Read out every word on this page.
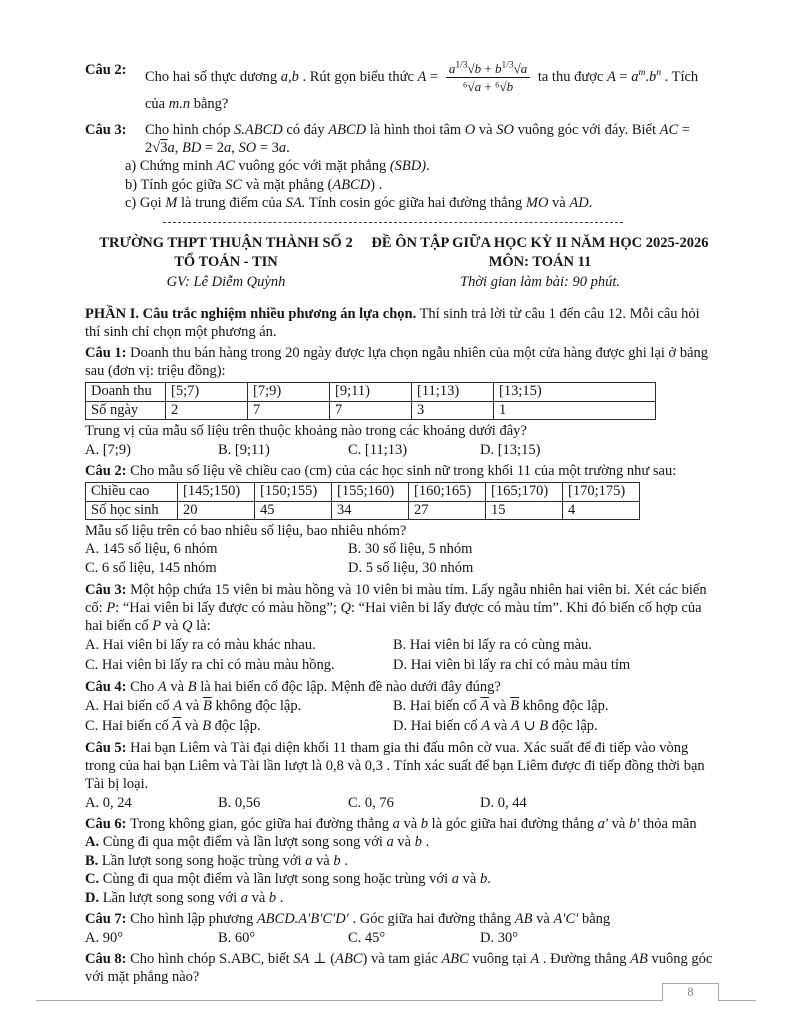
Câu 2:	Cho hai số thực dương a,b . Rút gọn biểu thức $A = \frac{a^{1/3}√b + b^{1/3}√a}{\text{⁶√a + ⁶√b}}$ ta thu được $A = a^m.b^n$ . Tích của m.n bằng?
Câu 3:	Cho hình chóp S.ABCD có đáy ABCD là hình thoi tâm O và SO vuông góc với đáy. Biết AC = 2√3a, BD = 2a, SO = 3a.
a) Chứng minh AC vuông góc với mặt phẳng (SBD).
b) Tính góc giữa SC và mặt phẳng (ABCD) .
c) Gọi M là trung điểm của SA. Tính cosin góc giữa hai đường thẳng MO và AD.
TRƯỜNG THPT THUẬN THÀNH SỐ 2
TỔ TOÁN - TIN
GV: Lê Diễm Quỳnh
ĐỀ ÔN TẬP GIỮA HỌC KỲ II NĂM HỌC 2025-2026
MÔN: TOÁN 11
Thời gian làm bài: 90 phút.
PHẦN I. Câu trắc nghiệm nhiều phương án lựa chọn. Thí sinh trả lời từ câu 1 đến câu 12. Mỗi câu hỏi thí sinh chỉ chọn một phương án.
Câu 1: Doanh thu bán hàng trong 20 ngày được lựa chọn ngẫu nhiên của một cửa hàng được ghi lại ở bảng sau (đơn vị: triệu đồng):
Doanh thu	[5;7)	[7;9)	[9;11)	[11;13)	[13;15)
Số ngày	2	7	7	3	1
Trung vị của mẫu số liệu trên thuộc khoảng nào trong các khoảng dưới đây?
A. [7;9)	B. [9;11)	C. [11;13)	D. [13;15)
Câu 2: Cho mẫu số liệu về chiều cao (cm) của các học sinh nữ trong khối 11 của một trường như sau:
Chiều cao	[145;150)	[150;155)	[155;160)	[160;165)	[165;170)	[170;175)
Số học sinh	20	45	34	27	15	4
Mẫu số liệu trên có bao nhiêu số liệu, bao nhiêu nhóm?
A. 145 số liệu, 6 nhóm	B. 30 số liệu, 5 nhóm
C. 6 số liệu, 145 nhóm	D. 5 số liệu, 30 nhóm
Câu 3: Một hộp chứa 15 viên bi màu hồng và 10 viên bi màu tím. Lấy ngẫu nhiên hai viên bi. Xét các biến cố: P: “Hai viên bi lấy được có màu hồng”; Q: “Hai viên bi lấy được có màu tím”. Khi đó biến cố hợp của hai biến cố P và Q là:
A. Hai viên bi lấy ra có màu khác nhau.	B. Hai viên bi lấy ra có cùng màu.
C. Hai viên bi lấy ra chỉ có màu màu hồng.	D. Hai viên bi lấy ra chỉ có màu màu tím
Câu 4: Cho A và B là hai biến cố độc lập. Mệnh đề nào dưới đây đúng?
A. Hai biến cố A và $\overline{B}$ không độc lập.	B. Hai biến cố $\overline{A}$ và $\overline{B}$ không độc lập.
C. Hai biến cố $\overline{A}$ và B độc lập.	D. Hai biến cố A và A ∪ B độc lập.
Câu 5: Hai bạn Liêm và Tài đại diện khối 11 tham gia thi đấu môn cờ vua. Xác suất để đi tiếp vào vòng trong của hai bạn Liêm và Tài lần lượt là 0,8 và 0,3 . Tính xác suất để bạn Liêm được đi tiếp đồng thời bạn Tài bị loại.
A. 0, 24	B. 0,56	C. 0, 76	D. 0, 44
Câu 6: Trong không gian, góc giữa hai đường thẳng a và b là góc giữa hai đường thẳng a′ và b′ thỏa mãn
A. Cùng đi qua một điểm và lần lượt song song với a và b .
B. Lần lượt song song hoặc trùng với a và b .
C. Cùng đi qua một điểm và lần lượt song song hoặc trùng với a và b.
D. Lần lượt song song với a và b .
Câu 7: Cho hình lập phương ABCD.A′B′C′D′ . Góc giữa hai đường thẳng AB và A′C′ bằng
A. 90°	B. 60°	C. 45°	D. 30°
Câu 8: Cho hình chóp S.ABC, biết SA ⊥ (ABC) và tam giác ABC vuông tại A . Đường thẳng AB vuông góc với mặt phẳng nào?
8
